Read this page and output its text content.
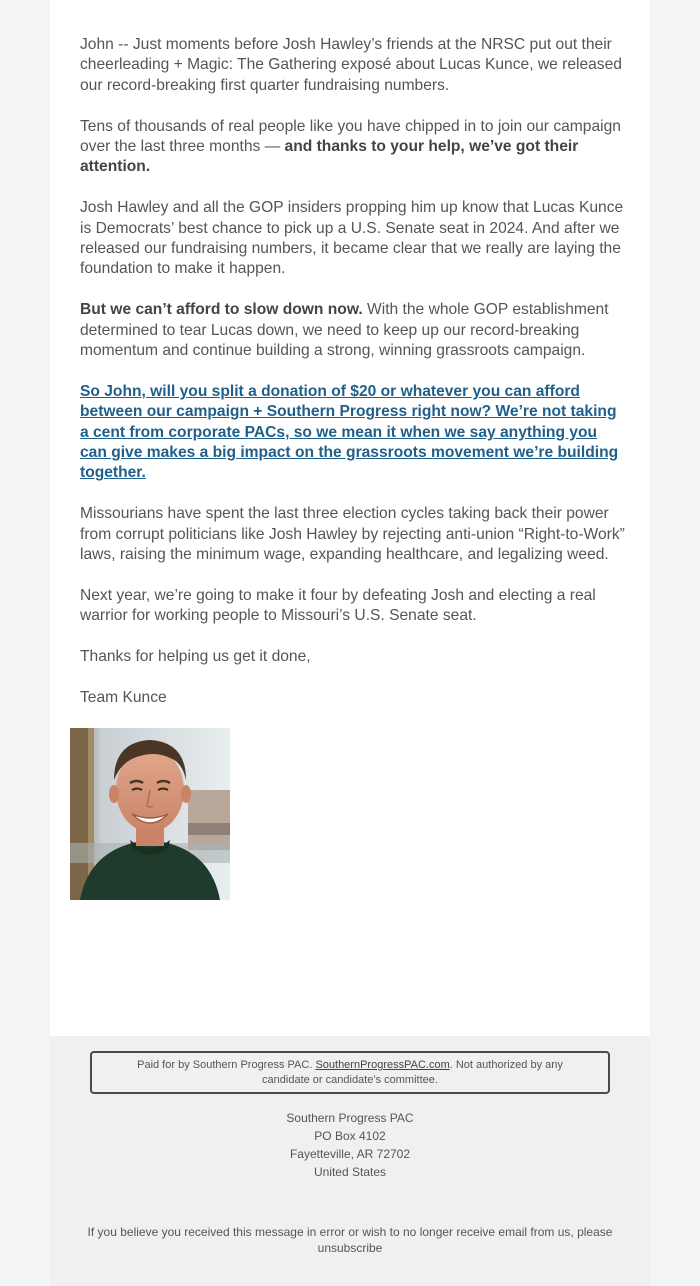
John -- Just moments before Josh Hawley’s friends at the NRSC put out their cheerleading + Magic: The Gathering exposé about Lucas Kunce, we released our record-breaking first quarter fundraising numbers.

Tens of thousands of real people like you have chipped in to join our campaign over the last three months — and thanks to your help, we’ve got their attention.

Josh Hawley and all the GOP insiders propping him up know that Lucas Kunce is Democrats’ best chance to pick up a U.S. Senate seat in 2024. And after we released our fundraising numbers, it became clear that we really are laying the foundation to make it happen.

But we can’t afford to slow down now. With the whole GOP establishment determined to tear Lucas down, we need to keep up our record-breaking momentum and continue building a strong, winning grassroots campaign.

So John, will you split a donation of $20 or whatever you can afford between our campaign + Southern Progress right now? We’re not taking a cent from corporate PACs, so we mean it when we say anything you can give makes a big impact on the grassroots movement we’re building together.

Missourians have spent the last three election cycles taking back their power from corrupt politicians like Josh Hawley by rejecting anti-union “Right-to-Work” laws, raising the minimum wage, expanding healthcare, and legalizing weed.

Next year, we’re going to make it four by defeating Josh and electing a real warrior for working people to Missouri’s U.S. Senate seat.

Thanks for helping us get it done,

Team Kunce

Paid for by Southern Progress PAC. SouthernProgressPAC.com. Not authorized by any candidate or candidate’s committee.
Southern Progress PAC
PO Box 4102
Fayetteville, AR 72702
United States
If you believe you received this message in error or wish to no longer receive email from us, please unsubscribe
